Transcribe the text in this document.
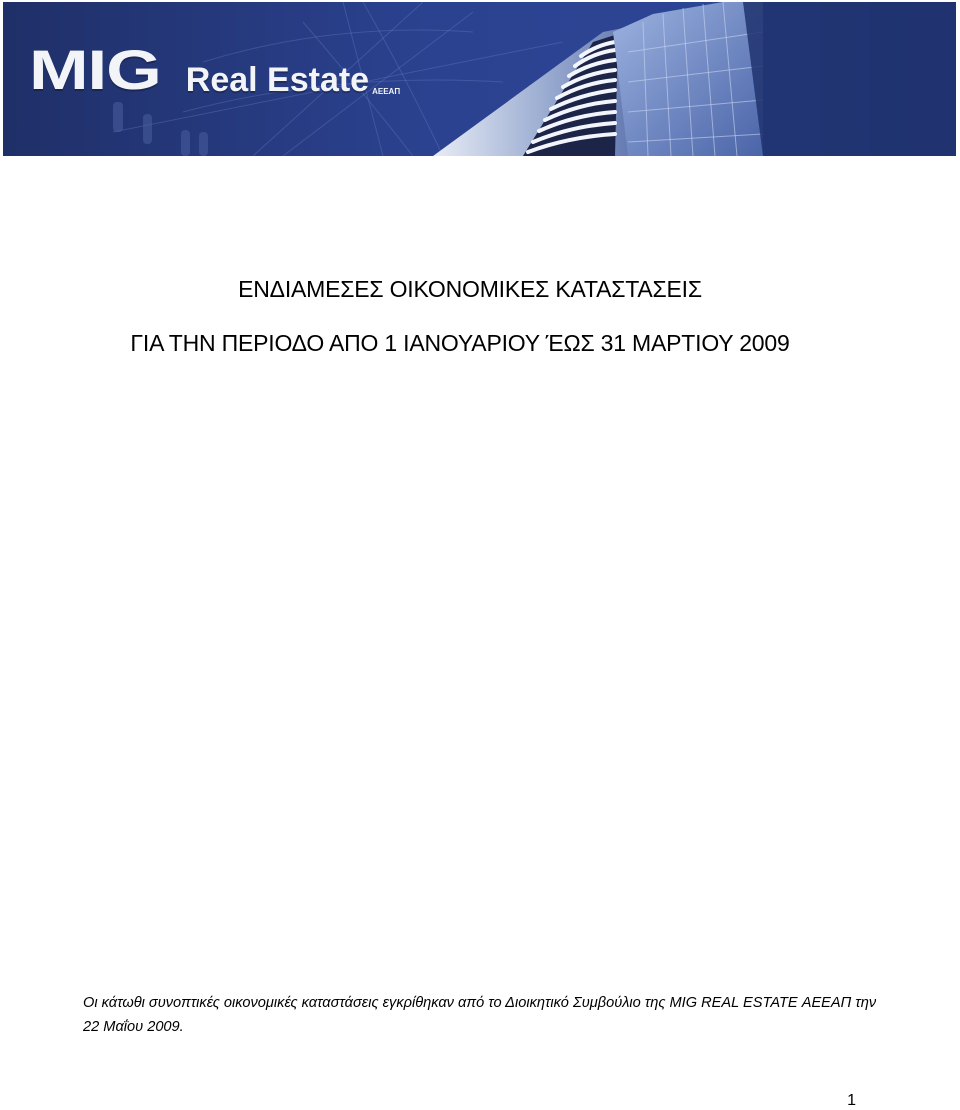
MIG Real Estate ΑΕΕΑΠ
ΕΝΔΙΑΜΕΣΕΣ ΟΙΚΟΝΟΜΙΚΕΣ ΚΑΤΑΣΤΑΣΕΙΣ
ΓΙΑ ΤΗΝ ΠΕΡΙΟΔΟ ΑΠΟ 1 ΙΑΝΟΥΑΡΙΟΥ ΈΩΣ 31 ΜΑΡΤΙΟΥ 2009
Οι κάτωθι συνοπτικές οικονομικές καταστάσεις εγκρίθηκαν από το Διοικητικό Συμβούλιο της MIG REAL ESTATE ΑΕΕΑΠ την 22 Μαΐου 2009.
1
